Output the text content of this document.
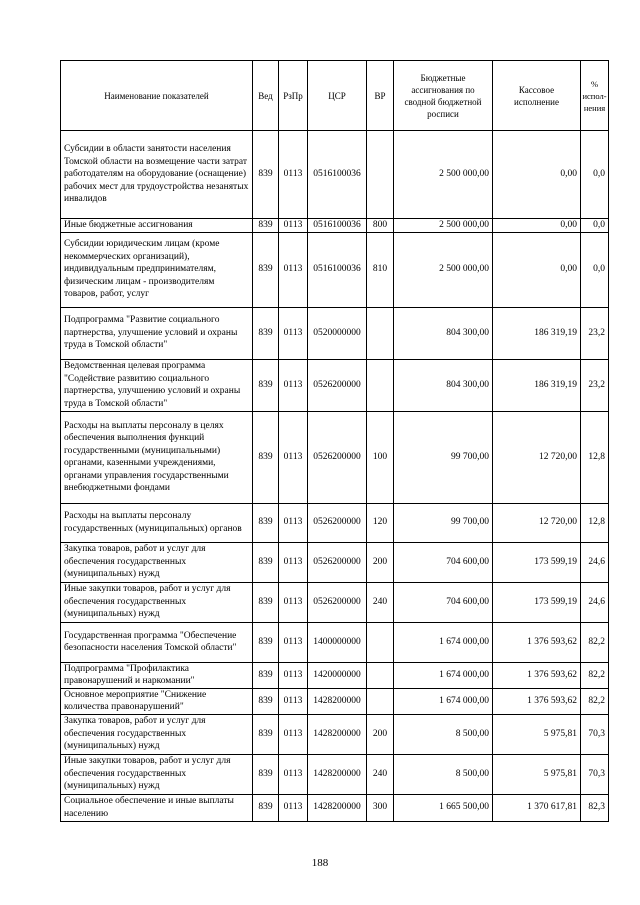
Наименование показателей	Вед	РзПр	ЦСР	ВР	Бюджетные ассигнования по сводной бюджетной росписи	Кассовое исполнение	% испол-нения
Субсидии в области занятости населения Томской области на возмещение части затрат работодателям на оборудование (оснащение) рабочих мест для трудоустройства незанятых инвалидов	839	0113	0516100036		2 500 000,00	0,00	0,0
Иные бюджетные ассигнования	839	0113	0516100036	800	2 500 000,00	0,00	0,0
Субсидии юридическим лицам (кроме некоммерческих организаций), индивидуальным предпринимателям, физическим лицам - производителям товаров, работ, услуг	839	0113	0516100036	810	2 500 000,00	0,00	0,0
Подпрограмма "Развитие социального партнерства, улучшение условий и охраны труда в Томской области"	839	0113	0520000000		804 300,00	186 319,19	23,2
Ведомственная целевая программа "Содействие развитию социального партнерства, улучшению условий и охраны труда в Томской области"	839	0113	0526200000		804 300,00	186 319,19	23,2
Расходы на выплаты персоналу в целях обеспечения выполнения функций государственными (муниципальными) органами, казенными учреждениями, органами управления государственными внебюджетными фондами	839	0113	0526200000	100	99 700,00	12 720,00	12,8
Расходы на выплаты персоналу государственных (муниципальных) органов	839	0113	0526200000	120	99 700,00	12 720,00	12,8
Закупка товаров, работ и услуг для обеспечения государственных (муниципальных) нужд	839	0113	0526200000	200	704 600,00	173 599,19	24,6
Иные закупки товаров, работ и услуг для обеспечения государственных (муниципальных) нужд	839	0113	0526200000	240	704 600,00	173 599,19	24,6
Государственная программа "Обеспечение безопасности населения Томской области"	839	0113	1400000000		1 674 000,00	1 376 593,62	82,2
Подпрограмма "Профилактика правонарушений и наркомании"	839	0113	1420000000		1 674 000,00	1 376 593,62	82,2
Основное мероприятие "Снижение количества правонарушений"	839	0113	1428200000		1 674 000,00	1 376 593,62	82,2
Закупка товаров, работ и услуг для обеспечения государственных (муниципальных) нужд	839	0113	1428200000	200	8 500,00	5 975,81	70,3
Иные закупки товаров, работ и услуг для обеспечения государственных (муниципальных) нужд	839	0113	1428200000	240	8 500,00	5 975,81	70,3
Социальное обеспечение и иные выплаты населению	839	0113	1428200000	300	1 665 500,00	1 370 617,81	82,3
188
